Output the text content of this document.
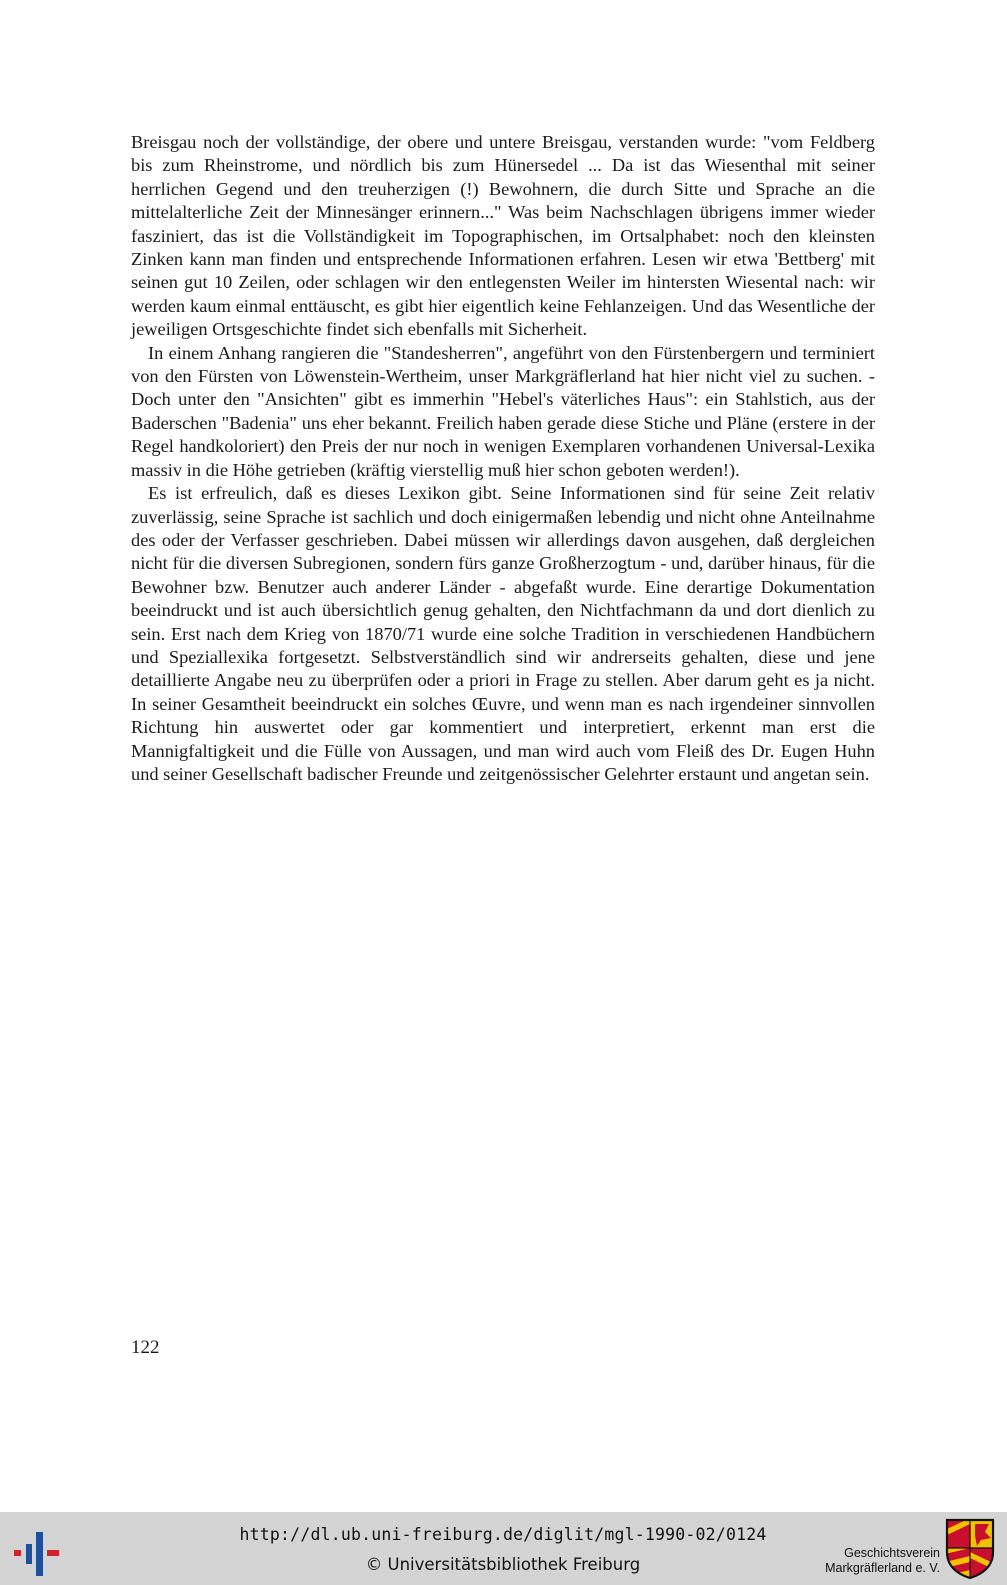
Breisgau noch der vollständige, der obere und untere Breisgau, verstanden wurde: "vom Feldberg bis zum Rheinstrome, und nördlich bis zum Hünersedel ... Da ist das Wiesenthal mit seiner herrlichen Gegend und den treuherzigen (!) Bewohnern, die durch Sitte und Sprache an die mittelalterliche Zeit der Minnesänger erinnern..." Was beim Nachschlagen übrigens immer wieder fasziniert, das ist die Vollständigkeit im Topographischen, im Ortsalphabet: noch den kleinsten Zinken kann man finden und entsprechende Informationen erfahren. Lesen wir etwa 'Bettberg' mit seinen gut 10 Zeilen, oder schlagen wir den entlegensten Weiler im hintersten Wiesental nach: wir werden kaum einmal enttäuscht, es gibt hier eigentlich keine Fehlanzeigen. Und das Wesentliche der jeweiligen Ortsgeschichte findet sich ebenfalls mit Sicherheit.

In einem Anhang rangieren die "Standesherren", angeführt von den Fürstenbergern und terminiert von den Fürsten von Löwenstein-Wertheim, unser Markgräflerland hat hier nicht viel zu suchen. - Doch unter den "Ansichten" gibt es immerhin "Hebel's väterliches Haus": ein Stahlstich, aus der Baderschen "Badenia" uns eher bekannt. Freilich haben gerade diese Stiche und Pläne (erstere in der Regel handkoloriert) den Preis der nur noch in wenigen Exemplaren vorhandenen Universal-Lexika massiv in die Höhe getrieben (kräftig vierstellig muß hier schon geboten werden!).

Es ist erfreulich, daß es dieses Lexikon gibt. Seine Informationen sind für seine Zeit relativ zuverlässig, seine Sprache ist sachlich und doch einigermaßen lebendig und nicht ohne Anteilnahme des oder der Verfasser geschrieben. Dabei müssen wir allerdings davon ausgehen, daß dergleichen nicht für die diversen Subregionen, sondern fürs ganze Großherzogtum - und, darüber hinaus, für die Bewohner bzw. Benutzer auch anderer Länder - abgefaßt wurde. Eine derartige Dokumentation beeindruckt und ist auch übersichtlich genug gehalten, den Nichtfachmann da und dort dienlich zu sein. Erst nach dem Krieg von 1870/​71 wurde eine solche Tradition in verschiedenen Handbüchern und Speziallexika fortgesetzt. Selbstverständlich sind wir andrerseits gehalten, diese und jene detaillierte Angabe neu zu überprüfen oder a priori in Frage zu stellen. Aber darum geht es ja nicht. In seiner Gesamtheit beeindruckt ein solches Œuvre, und wenn man es nach irgendeiner sinnvollen Richtung hin auswertet oder gar kommentiert und interpretiert, erkennt man erst die Mannigfaltigkeit und die Fülle von Aussagen, und man wird auch vom Fleiß des Dr. Eugen Huhn und seiner Gesellschaft badischer Freunde und zeitgenössischer Gelehrter erstaunt und angetan sein.

122
http://dl.ub.uni-freiburg.de/diglit/mgl-1990-02/0124
© Universitätsbibliothek Freiburg
Geschichtsverein
Markgräflerland e. V.
